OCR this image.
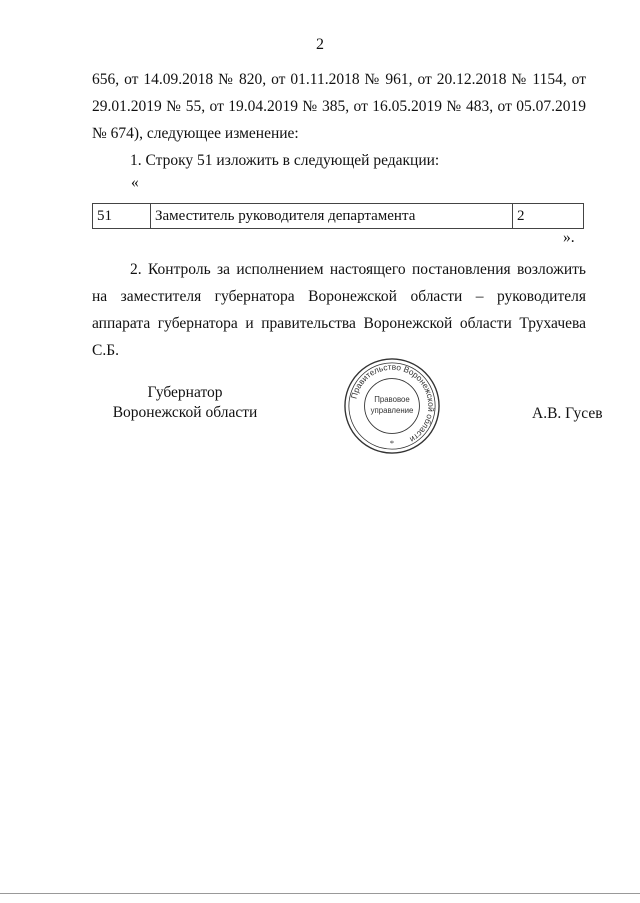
2
656, от 14.09.2018 № 820, от 01.11.2018 № 961, от 20.12.2018 № 1154, от 29.01.2019 № 55, от 19.04.2019 № 385, от 16.05.2019 № 483, от 05.07.2019 № 674), следующее изменение:
1. Строку 51 изложить в следующей редакции:
«
51	Заместитель руководителя департамента	2
».
2. Контроль за исполнением настоящего постановления возложить на заместителя губернатора Воронежской области – руководителя аппарата губернатора и правительства Воронежской области Трухачева С.Б.
Губернатор
Воронежской области
Правительство Воронежской области
Правовое
управление
*
А.В. Гусев
